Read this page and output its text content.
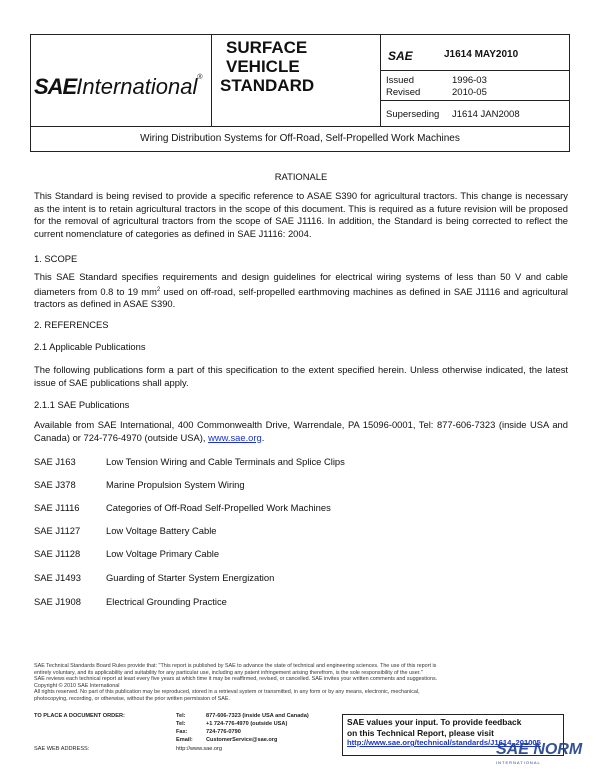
SAEInternational®
SURFACE
VEHICLE
STANDARD
SAE	J1614 MAY2010
Issued	1996-03
Revised	2010-05
Superseding J1614 JAN2008
Wiring Distribution Systems for Off-Road, Self-Propelled Work Machines
RATIONALE
This Standard is being revised to provide a specific reference to ASAE S390 for agricultural tractors. This change is necessary as the intent is to retain agricultural tractors in the scope of this document. This is required as a future revision will be proposed for the removal of agricultural tractors from the scope of SAE J1116. In addition, the Standard is being corrected to reflect the current nomenclature of categories as defined in SAE J1116: 2004.
1. SCOPE
This SAE Standard specifies requirements and design guidelines for electrical wiring systems of less than 50 V and cable diameters from 0.8 to 19 $mm^2$ used on off-road, self-propelled earthmoving machines as defined in SAE J1116 and agricultural tractors as defined in ASAE S390.
2. REFERENCES
2.1 Applicable Publications
The following publications form a part of this specification to the extent specified herein. Unless otherwise indicated, the latest issue of SAE publications shall apply.
2.1.1 SAE Publications
Available from SAE International, 400 Commonwealth Drive, Warrendale, PA 15096-0001, Tel: 877-606-7323 (inside USA and Canada) or 724-776-4970 (outside USA), www.sae.org.
SAE J163	Low Tension Wiring and Cable Terminals and Splice Clips
SAE J378	Marine Propulsion System Wiring
SAE J1116	Categories of Off-Road Self-Propelled Work Machines
SAE J1127	Low Voltage Battery Cable
SAE J1128	Low Voltage Primary Cable
SAE J1493	Guarding of Starter System Energization
SAE J1908	Electrical Grounding Practice
SAE Technical Standards Board Rules provide that: "This report is published by SAE to advance the state of technical and engineering sciences. The use of this report is
entirely voluntary, and its applicability and suitability for any particular use, including any patent infringement arising therefrom, is the sole responsibility of the user."
SAE reviews each technical report at least every five years at which time it may be reaffirmed, revised, or cancelled. SAE invites your written comments and suggestions.
Copyright © 2010 SAE International
All rights reserved. No part of this publication may be reproduced, stored in a retrieval system or transmitted, in any form or by any means, electronic, mechanical,
photocopying, recording, or otherwise, without the prior written permission of SAE.
TO PLACE A DOCUMENT ORDER:	Tel:	877-606-7323 (inside USA and Canada)
Tel:	+1 724-776-4970 (outside USA)
Fax:	724-776-0790
Email: CustomerService@sae.org
SAE WEB ADDRESS:	http://www.sae.org
SAE values your input. To provide feedback
on this Technical Report, please visit
http://www.sae.org/technical/standards/J1614_201005
SAE NORM
INTERNATIONAL
